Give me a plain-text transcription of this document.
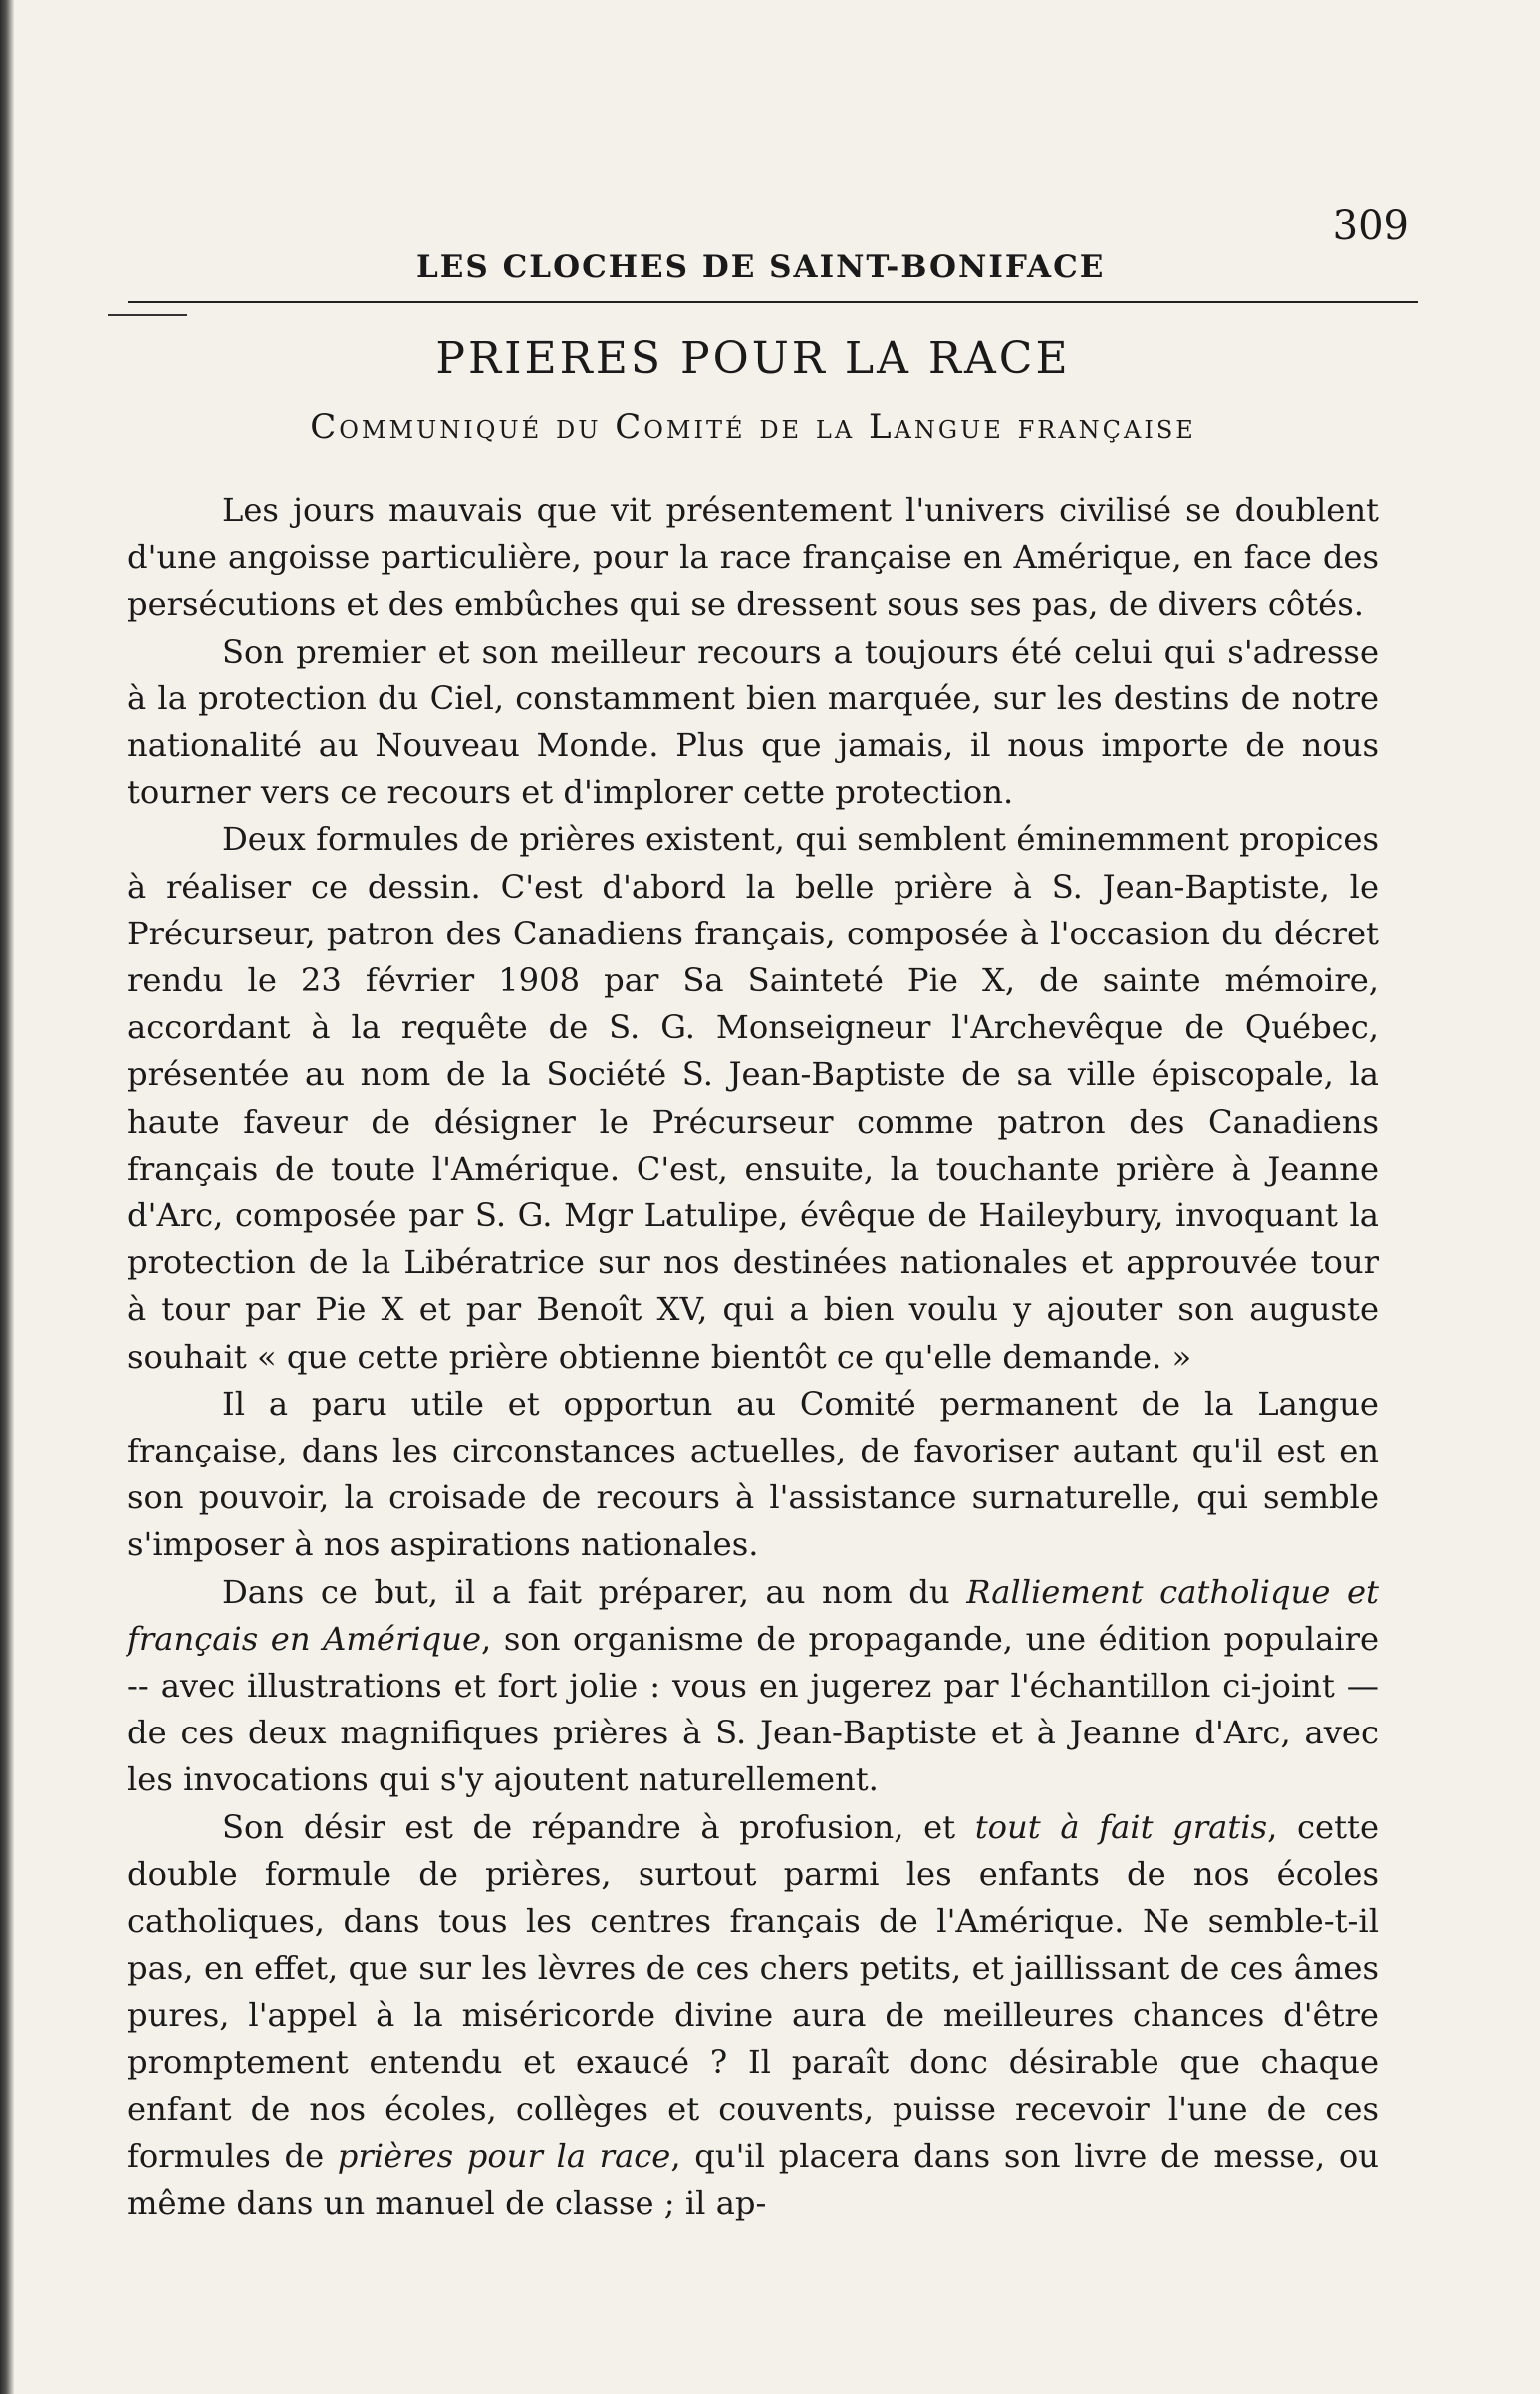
LES CLOCHES DE SAINT-BONIFACE
309
PRIERES POUR LA RACE
Communiqué du Comité de la Langue française

Les jours mauvais que vit présentement l'univers civilisé se doublent d'une angoisse particulière, pour la race française en Amérique, en face des persécutions et des embûches qui se dressent sous ses pas, de divers côtés.

Son premier et son meilleur recours a toujours été celui qui s'adresse à la protection du Ciel, constamment bien marquée, sur les destins de notre nationalité au Nouveau Monde. Plus que jamais, il nous importe de nous tourner vers ce recours et d'implorer cette protection.

Deux formules de prières existent, qui semblent éminemment propices à réaliser ce dessin. C'est d'abord la belle prière à S. Jean-Baptiste, le Précurseur, patron des Canadiens français, composée à l'occasion du décret rendu le 23 février 1908 par Sa Sainteté Pie X, de sainte mémoire, accordant à la requête de S. G. Monseigneur l'Archevêque de Québec, présentée au nom de la Société S. Jean-Baptiste de sa ville épiscopale, la haute faveur de désigner le Précurseur comme patron des Canadiens français de toute l'Amérique. C'est, ensuite, la touchante prière à Jeanne d'Arc, composée par S. G. Mgr Latulipe, évêque de Haileybury, invoquant la protection de la Libératrice sur nos destinées nationales et approuvée tour à tour par Pie X et par Benoît XV, qui a bien voulu y ajouter son auguste souhait « que cette prière obtienne bientôt ce qu'elle demande. »

Il a paru utile et opportun au Comité permanent de la Langue française, dans les circonstances actuelles, de favoriser autant qu'il est en son pouvoir, la croisade de recours à l'assistance surnaturelle, qui semble s'imposer à nos aspirations nationales.

Dans ce but, il a fait préparer, au nom du Ralliement catholique et français en Amérique, son organisme de propagande, une édition populaire -- avec illustrations et fort jolie : vous en jugerez par l'échantillon ci-joint — de ces deux magnifiques prières à S. Jean-Baptiste et à Jeanne d'Arc, avec les invocations qui s'y ajoutent naturellement.

Son désir est de répandre à profusion, et tout à fait gratis, cette double formule de prières, surtout parmi les enfants de nos écoles catholiques, dans tous les centres français de l'Amérique. Ne semble-t-il pas, en effet, que sur les lèvres de ces chers petits, et jaillissant de ces âmes pures, l'appel à la miséricorde divine aura de meilleures chances d'être promptement entendu et exaucé ? Il paraît donc désirable que chaque enfant de nos écoles, collèges et couvents, puisse recevoir l'une de ces formules de prières pour la race, qu'il placera dans son livre de messe, ou même dans un manuel de classe ; il ap-
